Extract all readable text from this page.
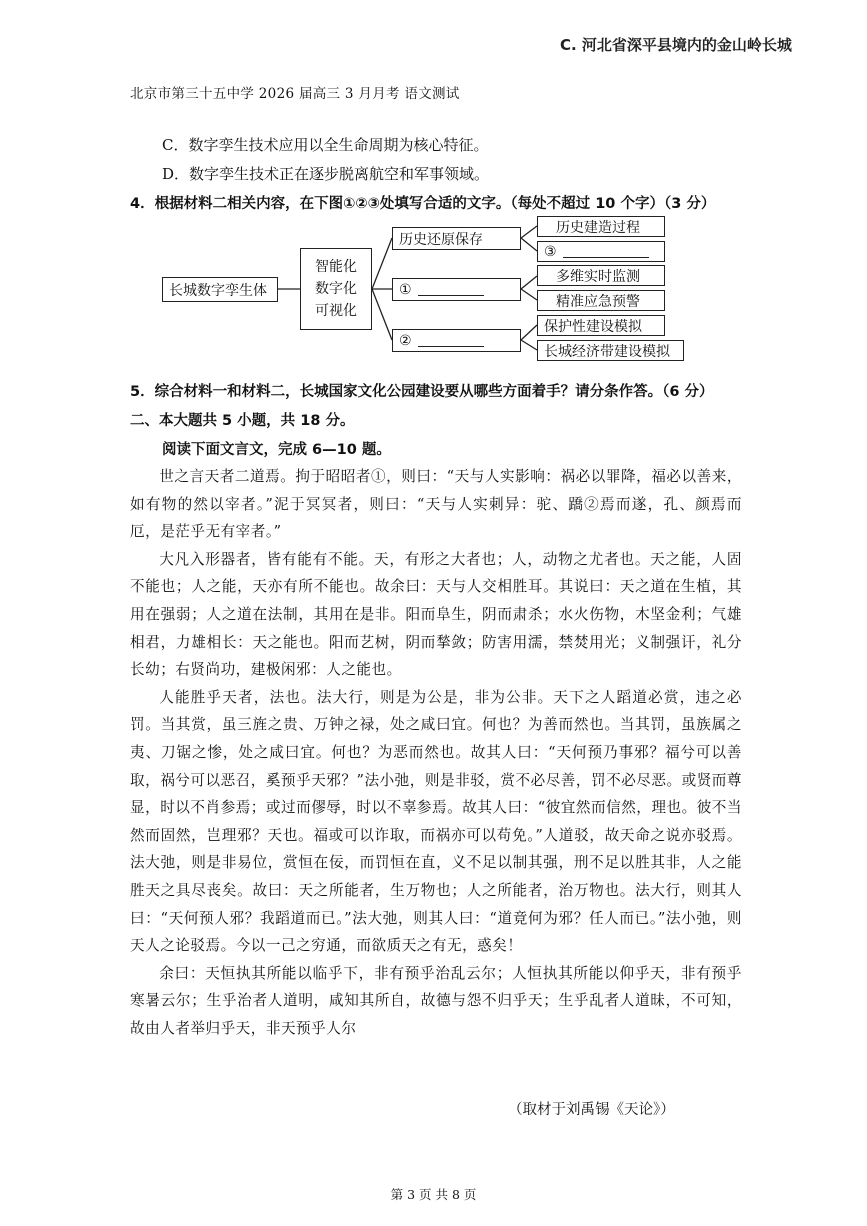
C. 河北省深平县境内的金山岭长城
北京市第三十五中学 2026 届高三 3 月月考 语文测试
C．数字孪生技术应用以全生命周期为核心特征。
D．数字孪生技术正在逐步脱离航空和军事领域。
4．根据材料二相关内容，在下图①②③处填写合适的文字。（每处不超过 10 个字）（3 分）
长城数字孪生体
智能化
数字化
可视化
历史还原保存
①
②
历史建造过程
③
多维实时监测
精准应急预警
保护性建设模拟
长城经济带建设模拟
5．综合材料一和材料二，长城国家文化公园建设要从哪些方面着手？请分条作答。（6 分）
二、本大题共 5 小题，共 18 分。
阅读下面文言文，完成 6—10 题。

世之言天者二道焉。拘于昭昭者①，则曰：“天与人实影响：祸必以罪降，福必以善来，如有物的然以宰者。”泥于冥冥者，则曰：“天与人实刺异：驼、蹻②焉而遂，孔、颜焉而厄，是茫乎无有宰者。”

大凡入形器者，皆有能有不能。天，有形之大者也；人，动物之尤者也。天之能，人固不能也；人之能，天亦有所不能也。故余曰：天与人交相胜耳。其说曰：天之道在生植，其用在强弱；人之道在法制，其用在是非。阳而阜生，阴而肃杀；水火伤物，木坚金利；气雄相君，力雄相长：天之能也。阳而艺树，阴而揫敛；防害用濡，禁焚用光；义制强讦，礼分长幼；右贤尚功，建极闲邪：人之能也。

人能胜乎天者，法也。法大行，则是为公是，非为公非。天下之人蹈道必赏，违之必罚。当其赏，虽三旌之贵、万钟之禄，处之咸曰宜。何也？为善而然也。当其罚，虽族属之夷、刀锯之惨，处之咸曰宜。何也？为恶而然也。故其人曰：“天何预乃事邪？福兮可以善取，祸兮可以恶召，奚预乎天邪？”法小弛，则是非驳，赏不必尽善，罚不必尽恶。或贤而尊显，时以不肖参焉；或过而僇辱，时以不辜参焉。故其人曰：“彼宜然而信然，理也。彼不当然而固然，岂理邪？天也。福或可以诈取，而祸亦可以苟免。”人道驳，故天命之说亦驳焉。法大弛，则是非易位，赏恒在佞，而罚恒在直，义不足以制其强，刑不足以胜其非，人之能胜天之具尽丧矣。故曰：天之所能者，生万物也；人之所能者，治万物也。法大行，则其人曰：“天何预人邪？我蹈道而已。”法大弛，则其人曰：“道竟何为邪？任人而已。”法小弛，则天人之论驳焉。今以一己之穷通，而欲质天之有无，惑矣！

余曰：天恒执其所能以临乎下，非有预乎治乱云尔；人恒执其所能以仰乎天，非有预乎寒暑云尔；生乎治者人道明，咸知其所自，故德与怨不归乎天；生乎乱者人道昧，不可知，故由人者举归乎天，非天预乎人尔

（取材于刘禹锡《天论》）
第 3 页 共 8 页
